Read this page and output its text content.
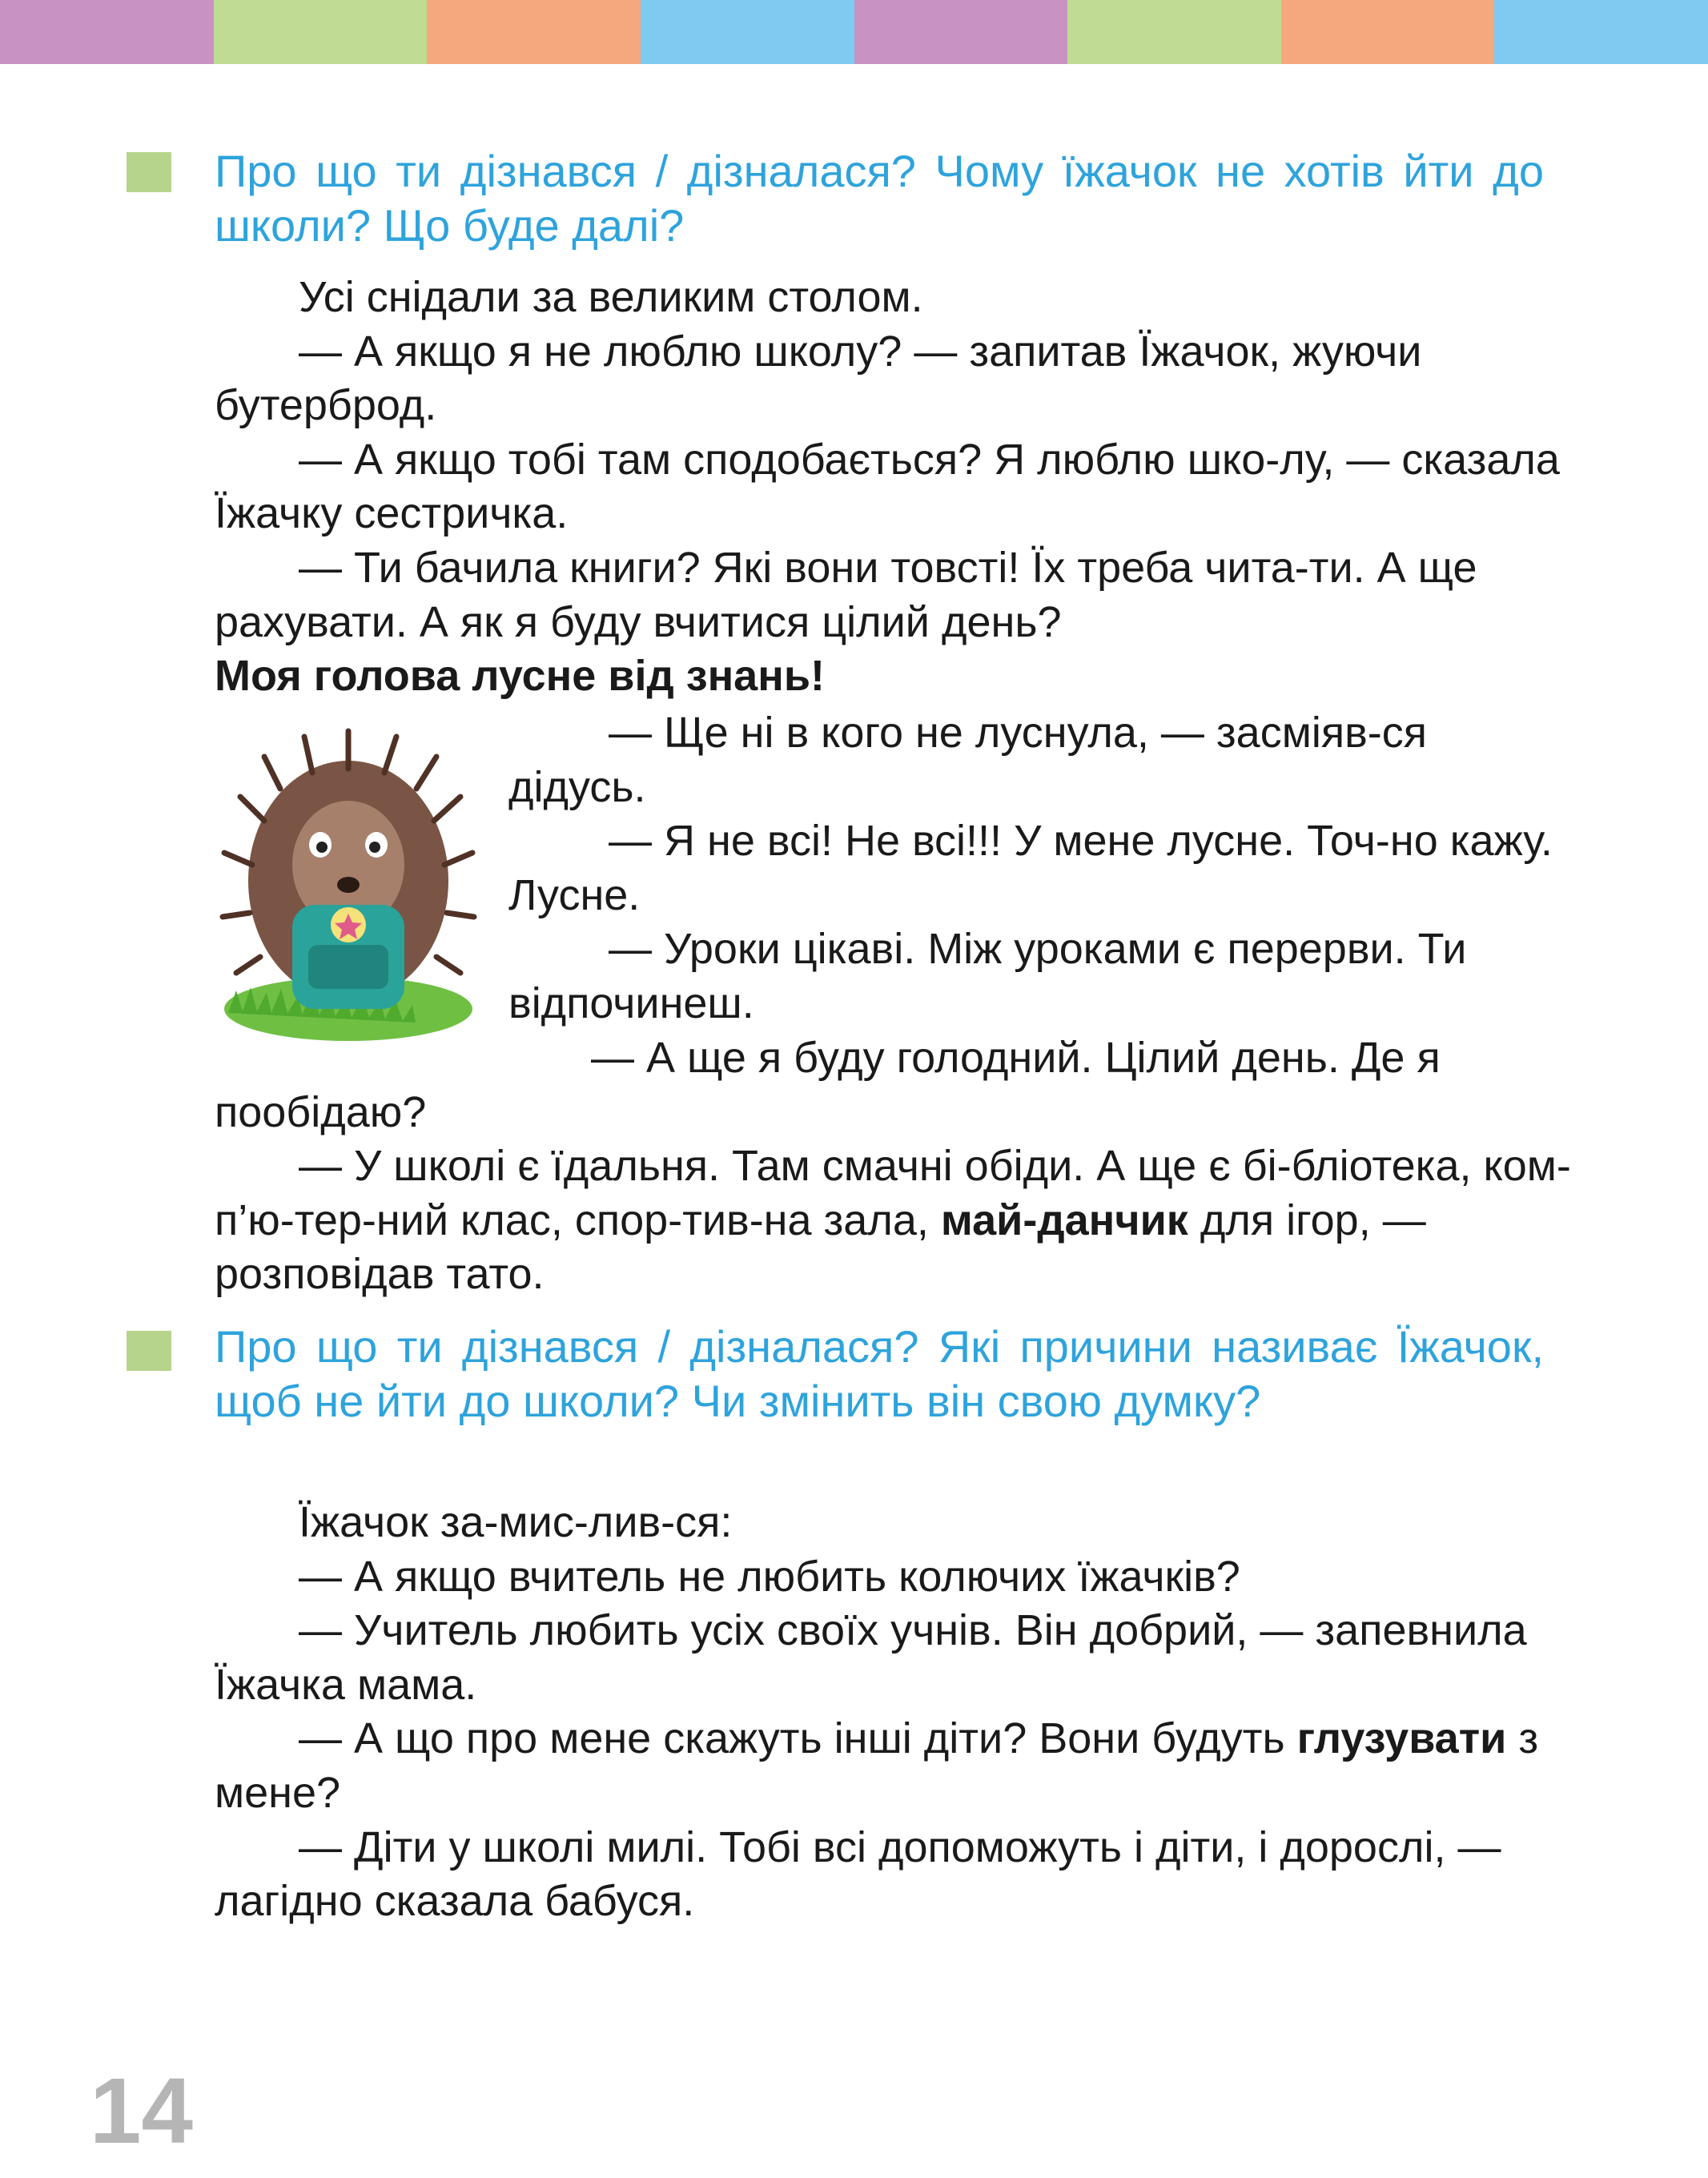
Про що ти дізнався / дізналася? Чому їжачок не хотів йти до школи? Що буде далі?

Усі снідали за великим столом.

— А якщо я не люблю школу? — запитав Їжачок, жуючи бутерброд.

— А якщо тобі там сподобається? Я люблю шко-лу, — сказала Їжачку сестричка.

— Ти бачила книги? Які вони товсті! Їх треба чита-ти. А ще рахувати. А як я буду вчитися цілий день?

Моя голова лусне від знань!

— Ще ні в кого не луснула, — засміяв-ся дідусь.

— Я не всі! Не всі!!! У мене лусне. Точ-но кажу. Лусне.

— Уроки цікаві. Між уроками є перерви. Ти відпочинеш.

— А ще я буду голодний. Цілий день. Де я пообідаю?

— У школі є їдальня. Там смачні обіди. А ще є бі-бліотека, ком-п’ю-тер-ний клас, спор-тив-на зала, май-данчик для ігор, — розповідав тато.

Про що ти дізнався / дізналася? Які причини називає Їжачок, щоб не йти до школи? Чи змінить він свою думку?

Їжачок за-мис-лив-ся:

— А якщо вчитель не любить колючих їжачків?

— Учитель любить усіх своїх учнів. Він добрий, — запевнила Їжачка мама.

— А що про мене скажуть інші діти? Вони будуть глузувати з мене?

— Діти у школі милі. Тобі всі допоможуть і діти, і дорослі, — лагідно сказала бабуся.

14
